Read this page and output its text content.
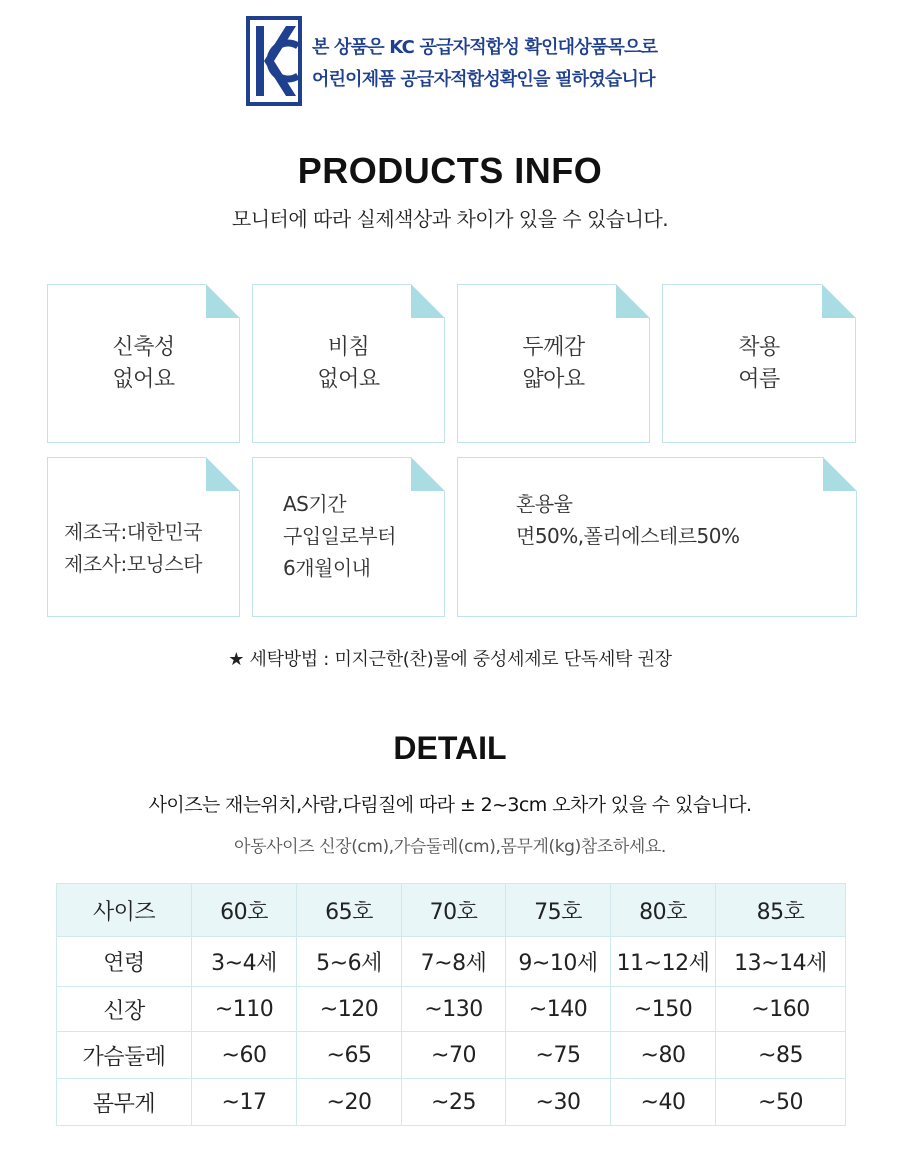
본 상품은 KC 공급자적합성 확인대상품목으로
어린이제품 공급자적합성확인을 필하였습니다
PRODUCTS INFO
모니터에 따라 실제색상과 차이가 있을 수 있습니다.
신축성
없어요
비침
없어요
두께감
얇아요
착용
여름
제조국:대한민국
제조사:모닝스타
AS기간
구입일로부터
6개월이내
혼용율
면50%,폴리에스테르50%
★ 세탁방법 : 미지근한(찬)물에 중성세제로 단독세탁 권장
DETAIL
사이즈는 재는위치,사람,다림질에 따라 ± 2~3cm 오차가 있을 수 있습니다.
아동사이즈 신장(cm),가슴둘레(cm),몸무게(kg)참조하세요.
사이즈	60호	65호	70호	75호	80호	85호
연령	3~4세	5~6세	7~8세	9~10세	11~12세	13~14세
신장	~110	~120	~130	~140	~150	~160
가슴둘레	~60	~65	~70	~75	~80	~85
몸무게	~17	~20	~25	~30	~40	~50
